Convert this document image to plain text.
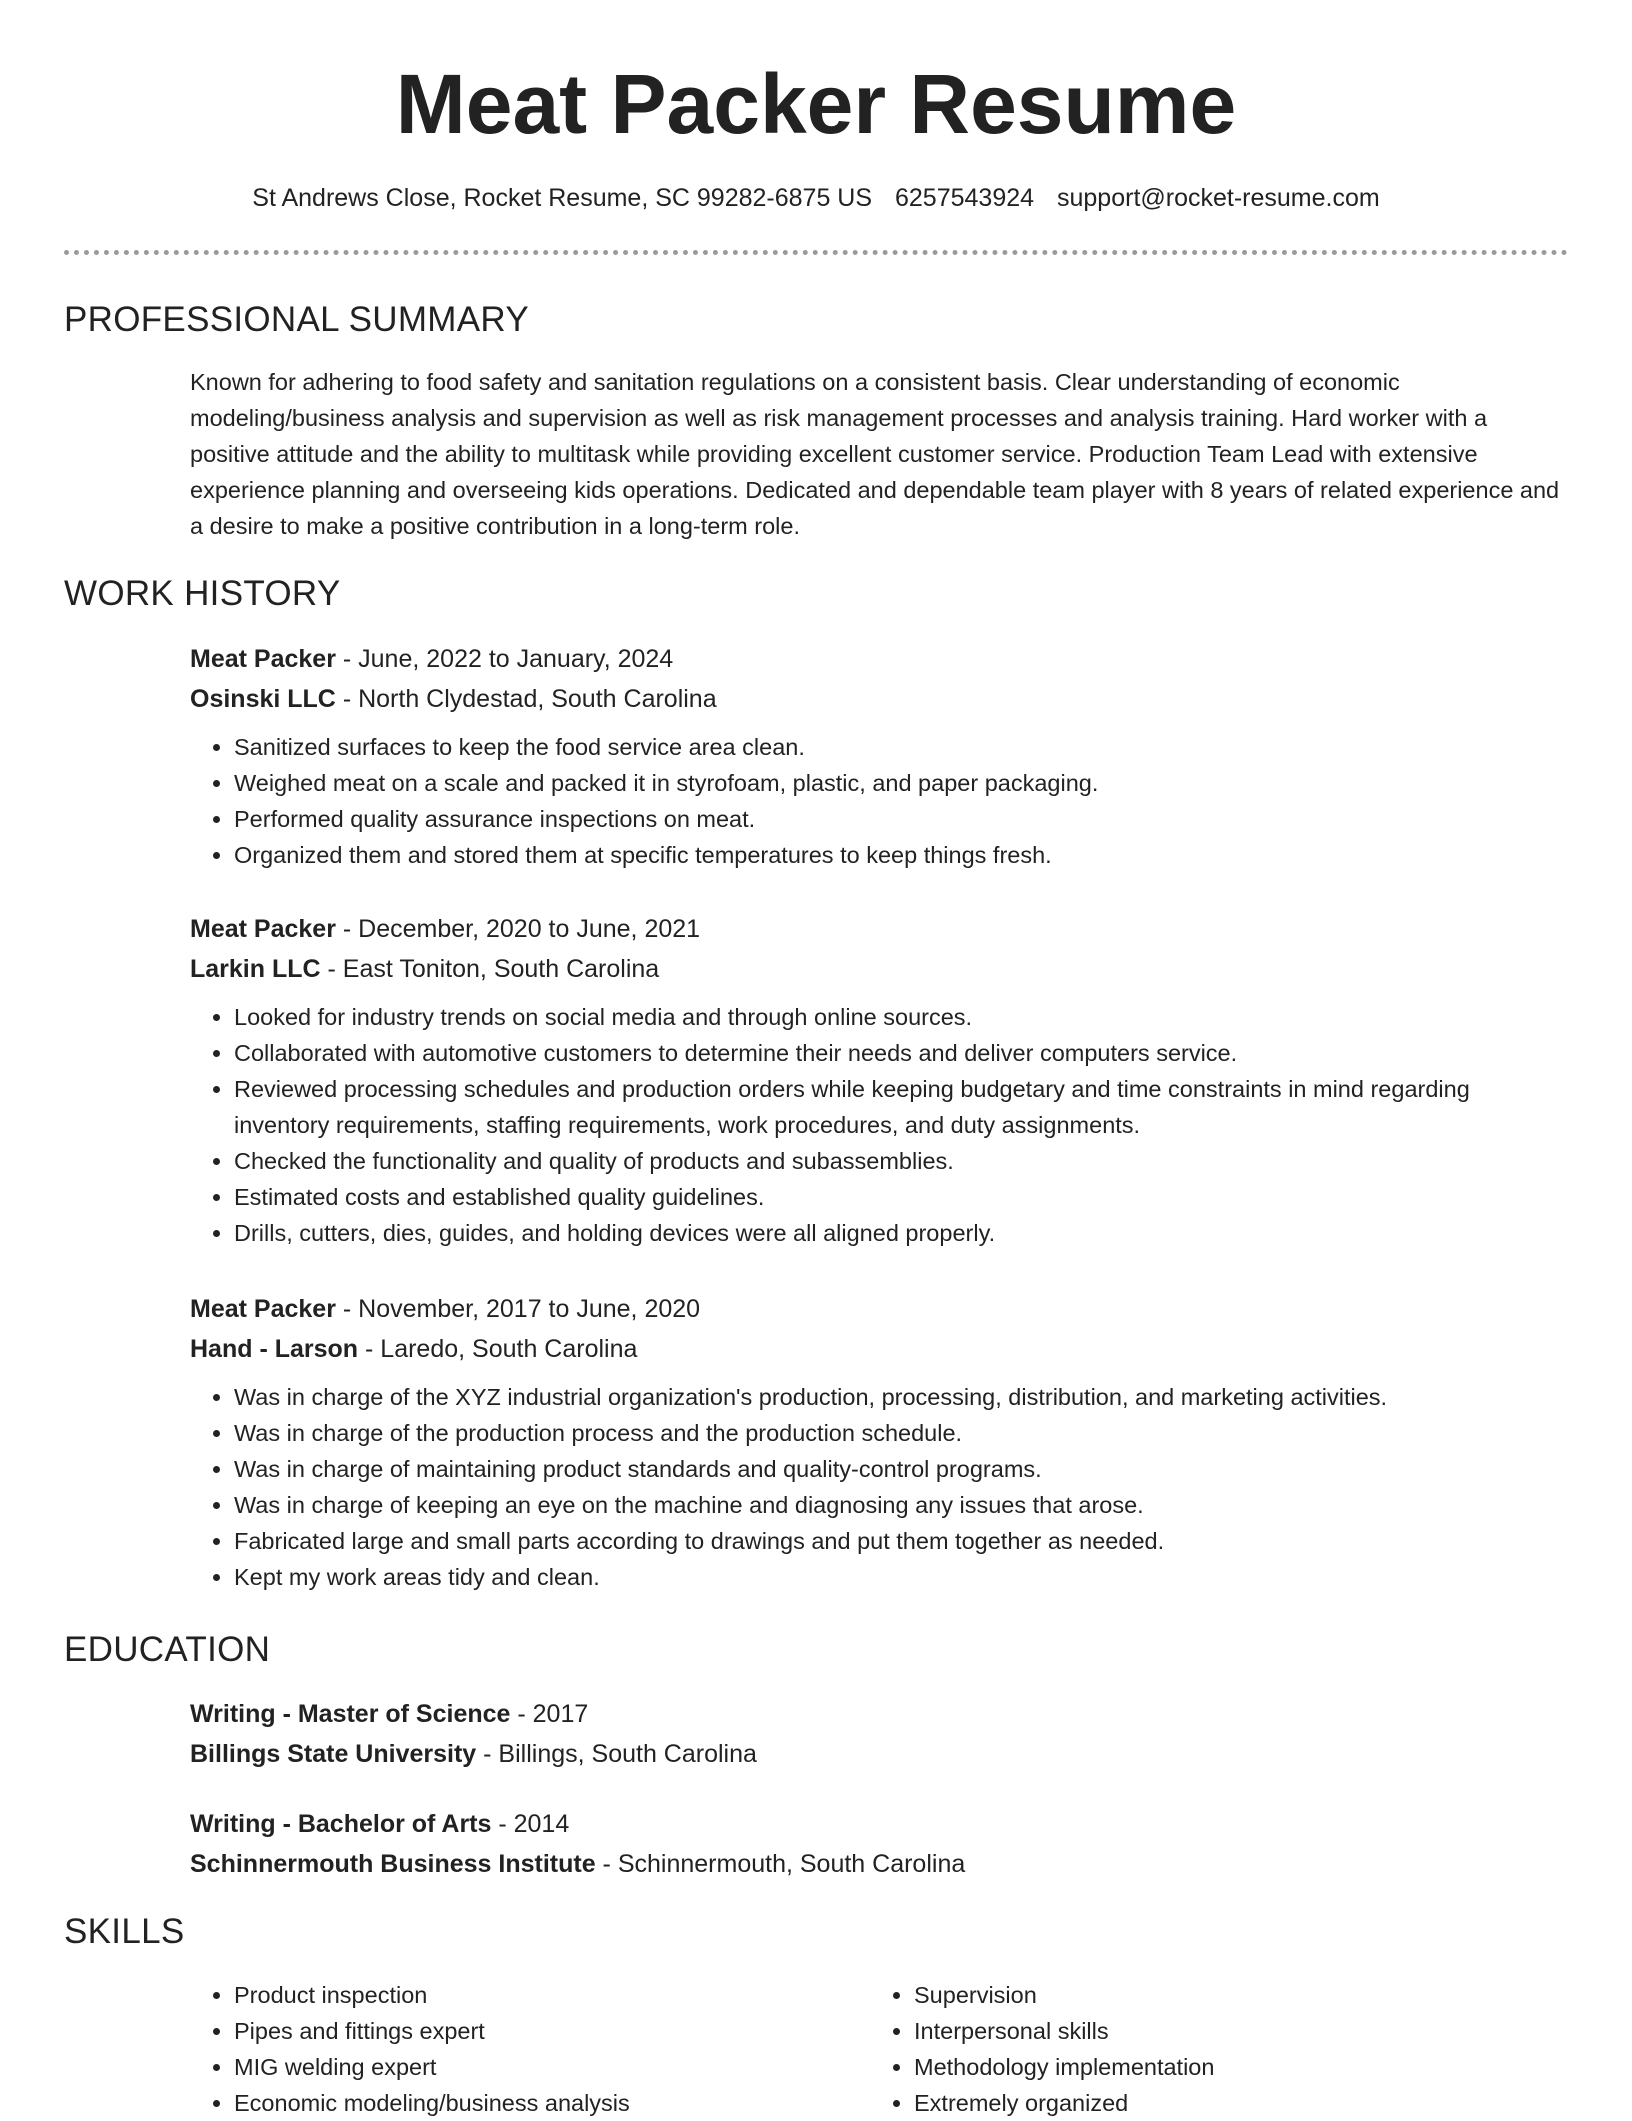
Meat Packer Resume
St Andrews Close, Rocket Resume, SC 99282-6875 US 6257543924 support@rocket-resume.com
PROFESSIONAL SUMMARY

Known for adhering to food safety and sanitation regulations on a consistent basis. Clear understanding of economic modeling/business analysis and supervision as well as risk management processes and analysis training. Hard worker with a positive attitude and the ability to multitask while providing excellent customer service. Production Team Lead with extensive experience planning and overseeing kids operations. Dedicated and dependable team player with 8 years of related experience and a desire to make a positive contribution in a long-term role.

WORK HISTORY

Meat Packer - June, 2022 to January, 2024

Osinski LLC - North Clydestad, South Carolina

• Sanitized surfaces to keep the food service area clean.
• Weighed meat on a scale and packed it in styrofoam, plastic, and paper packaging.
• Performed quality assurance inspections on meat.
• Organized them and stored them at specific temperatures to keep things fresh.

Meat Packer - December, 2020 to June, 2021

Larkin LLC - East Toniton, South Carolina

• Looked for industry trends on social media and through online sources.
• Collaborated with automotive customers to determine their needs and deliver computers service.
• Reviewed processing schedules and production orders while keeping budgetary and time constraints in mind regarding inventory requirements, staffing requirements, work procedures, and duty assignments.
• Checked the functionality and quality of products and subassemblies.
• Estimated costs and established quality guidelines.
• Drills, cutters, dies, guides, and holding devices were all aligned properly.

Meat Packer - November, 2017 to June, 2020

Hand - Larson - Laredo, South Carolina

• Was in charge of the XYZ industrial organization's production, processing, distribution, and marketing activities.
• Was in charge of the production process and the production schedule.
• Was in charge of maintaining product standards and quality-control programs.
• Was in charge of keeping an eye on the machine and diagnosing any issues that arose.
• Fabricated large and small parts according to drawings and put them together as needed.
• Kept my work areas tidy and clean.
EDUCATION

Writing - Master of Science - 2017

Billings State University - Billings, South Carolina

Writing - Bachelor of Arts - 2014

Schinnermouth Business Institute - Schinnermouth, South Carolina

SKILLS
• Product inspection
• Pipes and fittings expert
• MIG welding expert
• Economic modeling/business analysis
• Supervision
• Interpersonal skills
• Methodology implementation
• Extremely organized
